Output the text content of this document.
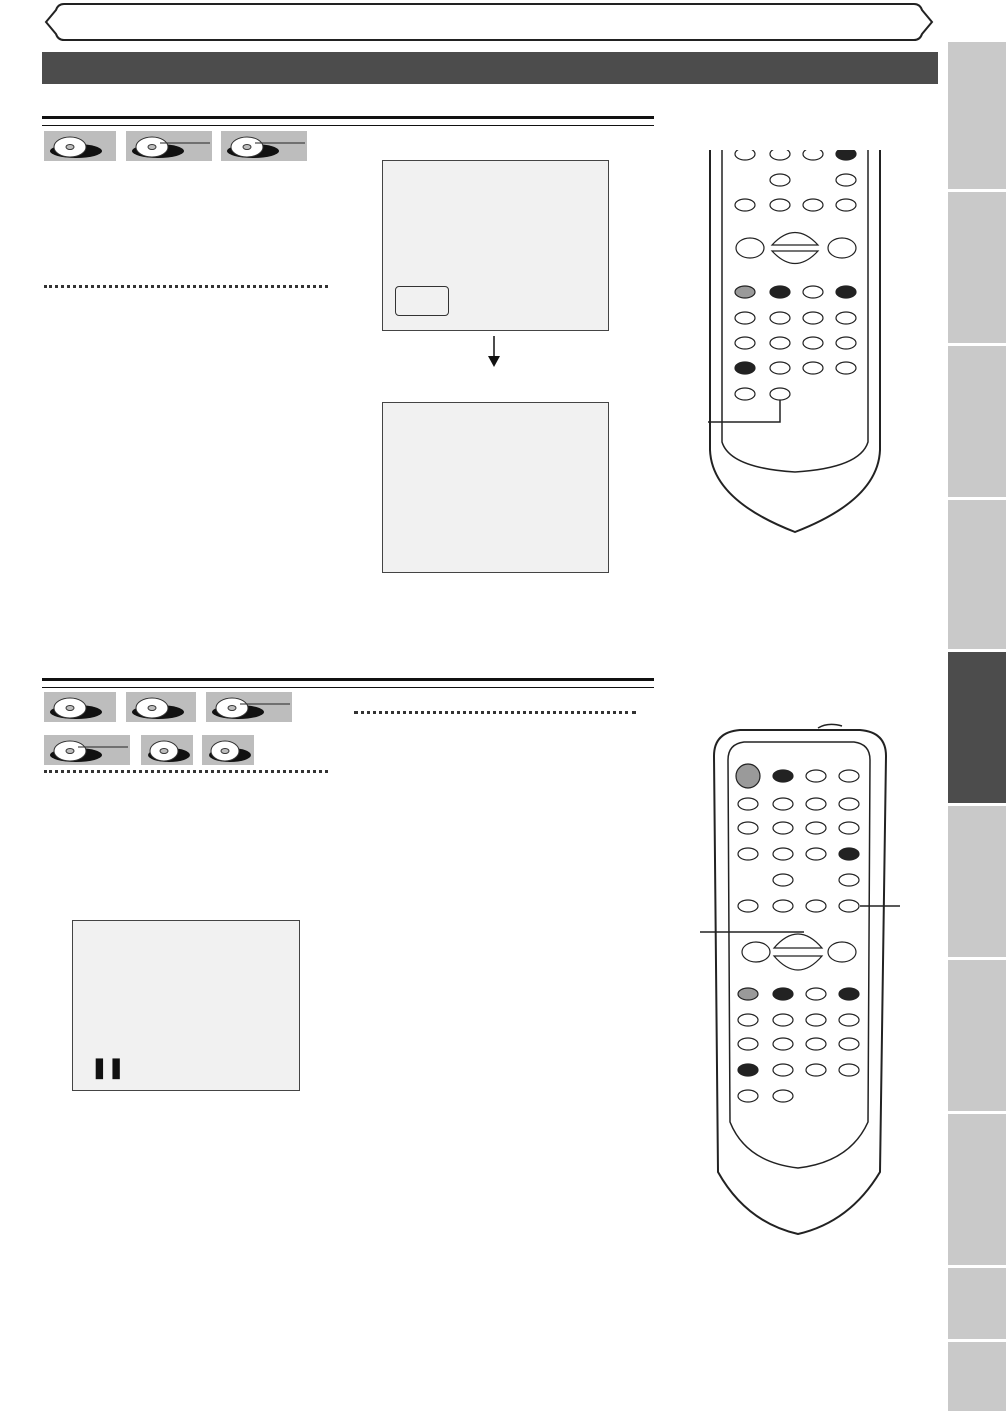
❚❚
